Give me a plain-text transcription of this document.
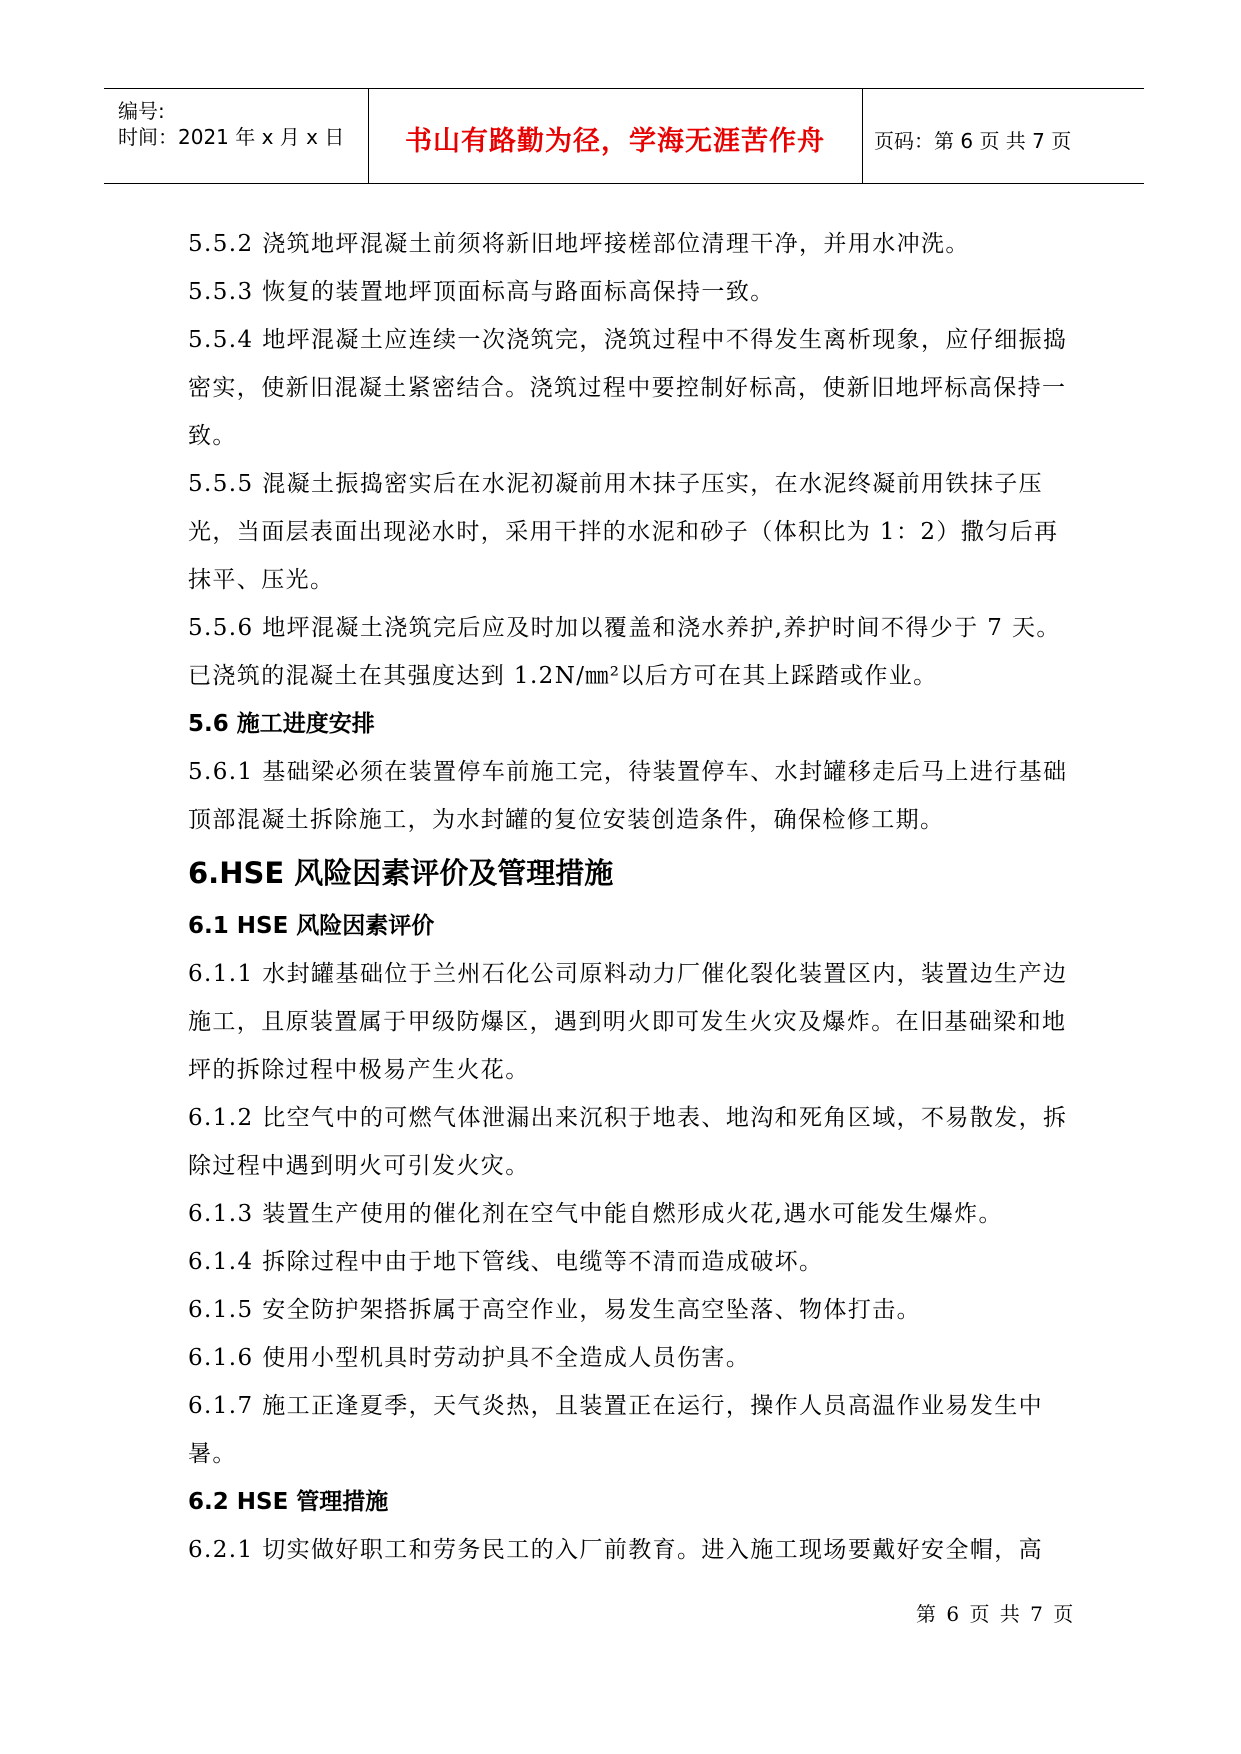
编号:
时间：2021 年 x 月 x 日	书山有路勤为径，学海无涯苦作舟	页码：第 6 页 共 7 页

5.5.2 浇筑地坪混凝土前须将新旧地坪接槎部位清理干净，并用水冲洗。

5.5.3 恢复的装置地坪顶面标高与路面标高保持一致。

5.5.4 地坪混凝土应连续一次浇筑完，浇筑过程中不得发生离析现象，应仔细振捣密实，使新旧混凝土紧密结合。浇筑过程中要控制好标高，使新旧地坪标高保持一致。

5.5.5 混凝土振捣密实后在水泥初凝前用木抹子压实，在水泥终凝前用铁抹子压光，当面层表面出现泌水时，采用干拌的水泥和砂子（体积比为 1：2）撒匀后再抹平、压光。

5.5.6 地坪混凝土浇筑完后应及时加以覆盖和浇水养护,养护时间不得少于 7 天。已浇筑的混凝土在其强度达到 1.2N/㎜²以后方可在其上踩踏或作业。

5.6 施工进度安排

5.6.1 基础梁必须在装置停车前施工完，待装置停车、水封罐移走后马上进行基础顶部混凝土拆除施工，为水封罐的复位安装创造条件，确保检修工期。

6.HSE 风险因素评价及管理措施

6.1 HSE 风险因素评价

6.1.1 水封罐基础位于兰州石化公司原料动力厂催化裂化装置区内，装置边生产边施工，且原装置属于甲级防爆区，遇到明火即可发生火灾及爆炸。在旧基础梁和地坪的拆除过程中极易产生火花。

6.1.2 比空气中的可燃气体泄漏出来沉积于地表、地沟和死角区域，不易散发，拆除过程中遇到明火可引发火灾。

6.1.3 装置生产使用的催化剂在空气中能自燃形成火花,遇水可能发生爆炸。

6.1.4 拆除过程中由于地下管线、电缆等不清而造成破坏。

6.1.5 安全防护架搭拆属于高空作业，易发生高空坠落、物体打击。

6.1.6 使用小型机具时劳动护具不全造成人员伤害。

6.1.7 施工正逢夏季，天气炎热，且装置正在运行，操作人员高温作业易发生中暑。

6.2 HSE 管理措施

6.2.1 切实做好职工和劳务民工的入厂前教育。进入施工现场要戴好安全帽，高

第 6 页 共 7 页
